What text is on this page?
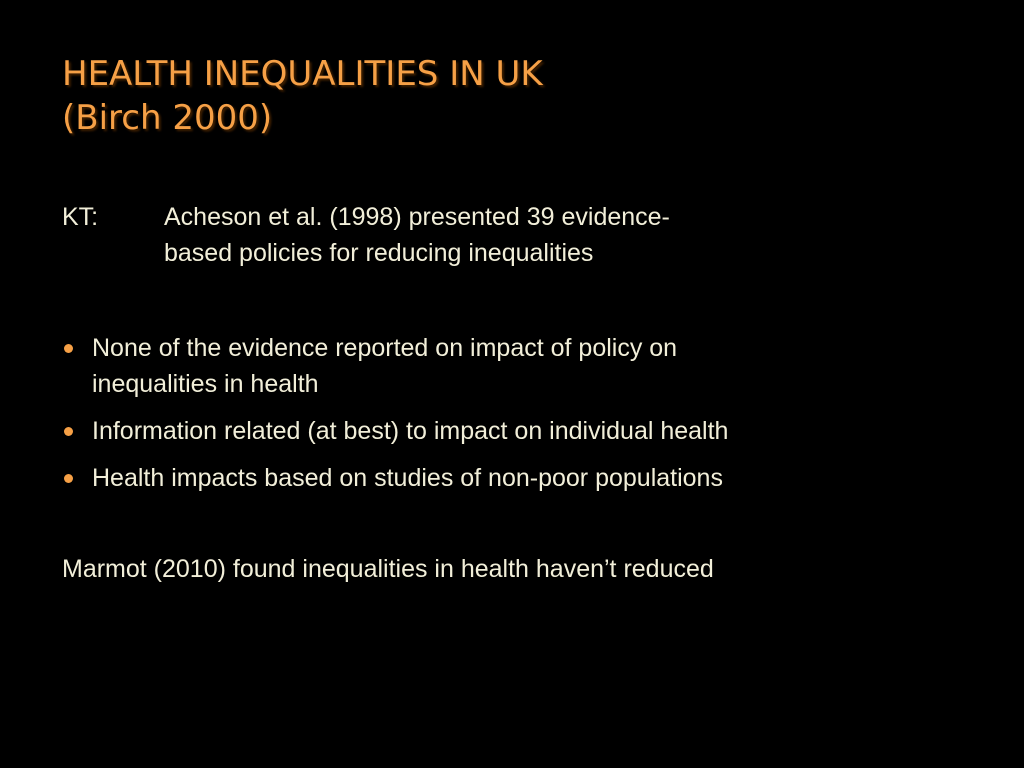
HEALTH INEQUALITIES IN UK
(Birch 2000)
KT:	Acheson et al. (1998) presented 39 evidence-
based policies for reducing inequalities
None of the evidence reported on impact of policy on
inequalities in health
Information related (at best) to impact on individual health
Health impacts based on studies of non-poor populations
Marmot (2010) found inequalities in health haven’t reduced
